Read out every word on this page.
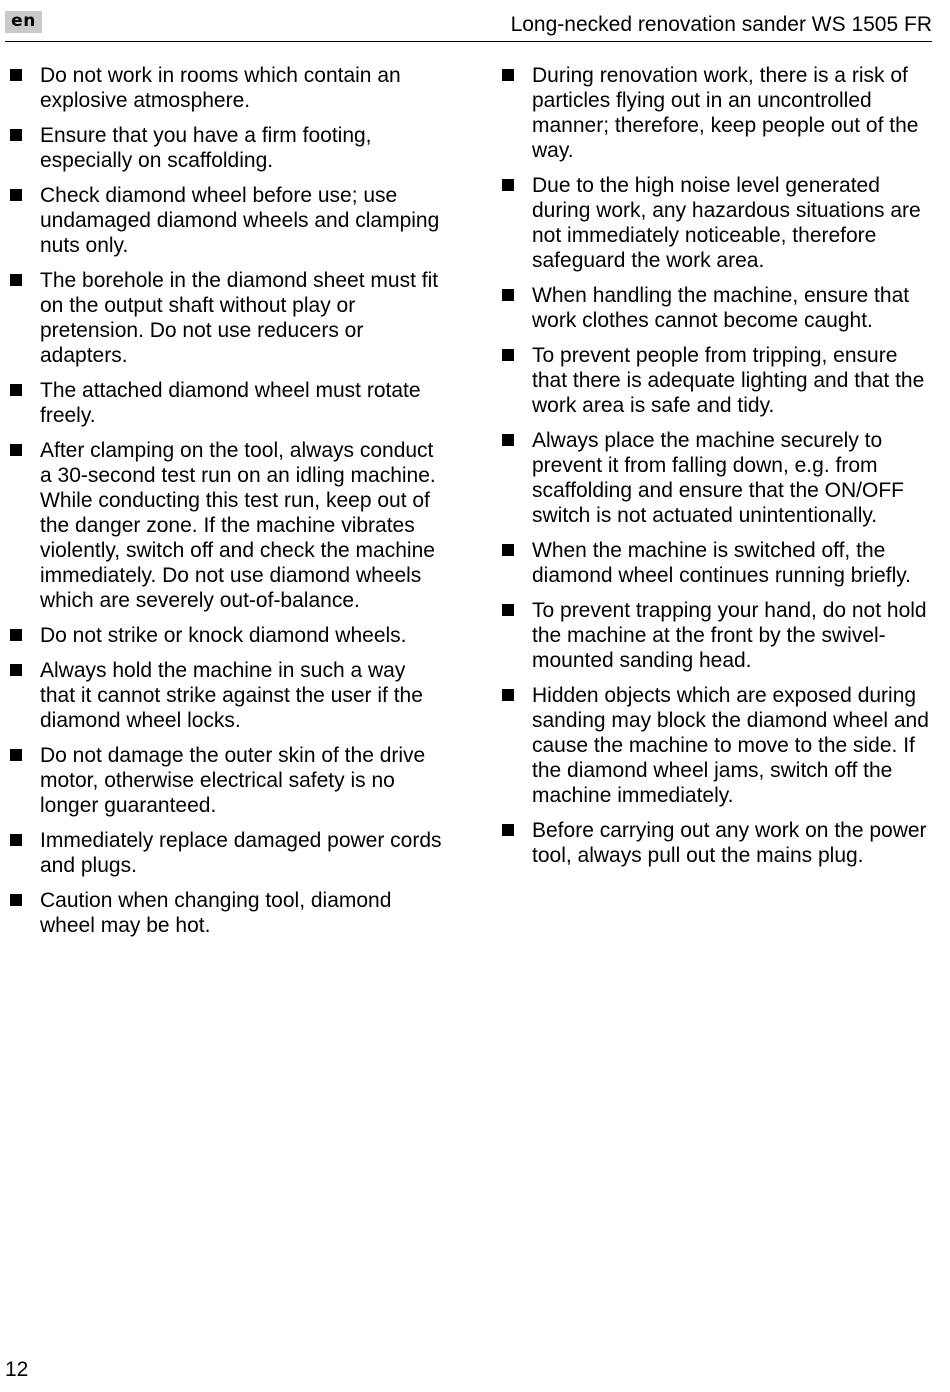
en	Long-necked renovation sander WS 1505 FR
Do not work in rooms which contain an explosive atmosphere.
Ensure that you have a firm footing, especially on scaffolding.
Check diamond wheel before use; use undamaged diamond wheels and clamping nuts only.
The borehole in the diamond sheet must fit on the output shaft without play or pretension. Do not use reducers or adapters.
The attached diamond wheel must rotate freely.
After clamping on the tool, always conduct a 30-second test run on an idling machine. While conducting this test run, keep out of the danger zone. If the machine vibrates violently, switch off and check the machine immediately. Do not use diamond wheels which are severely out-of-balance.
Do not strike or knock diamond wheels.
Always hold the machine in such a way that it cannot strike against the user if the diamond wheel locks.
Do not damage the outer skin of the drive motor, otherwise electrical safety is no longer guaranteed.
Immediately replace damaged power cords and plugs.
Caution when changing tool, diamond wheel may be hot.
During renovation work, there is a risk of particles flying out in an uncontrolled manner; therefore, keep people out of the way.
Due to the high noise level generated during work, any hazardous situations are not immediately noticeable, therefore safeguard the work area.
When handling the machine, ensure that work clothes cannot become caught.
To prevent people from tripping, ensure that there is adequate lighting and that the work area is safe and tidy.
Always place the machine securely to prevent it from falling down, e.g. from scaffolding and ensure that the ON/OFF switch is not actuated unintentionally.
When the machine is switched off, the diamond wheel continues running briefly.
To prevent trapping your hand, do not hold the machine at the front by the swivel-mounted sanding head.
Hidden objects which are exposed during sanding may block the diamond wheel and cause the machine to move to the side. If the diamond wheel jams, switch off the machine immediately.
Before carrying out any work on the power tool, always pull out the mains plug.
12
